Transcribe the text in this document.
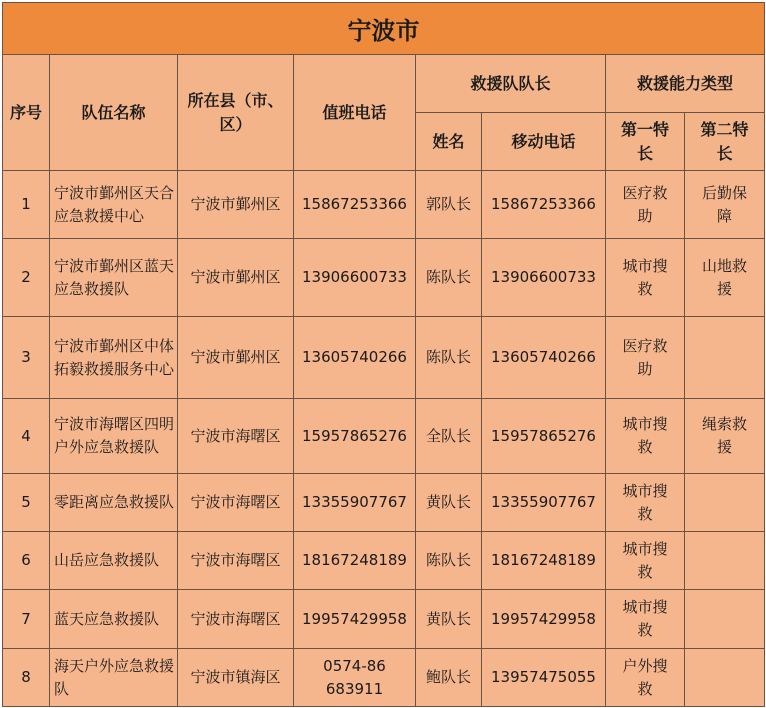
宁波市							
序号	队伍名称	所在县（市、区）	值班电话	救援队队长		救援能力类型	
				姓名	移动电话	第一特长	第二特长
1	宁波市鄞州区天合应急救援中心	宁波市鄞州区	15867253366	郭队长	15867253366	医疗救助	后勤保障
2	宁波市鄞州区蓝天应急救援队	宁波市鄞州区	13906600733	陈队长	13906600733	城市搜救	山地救援
3	宁波市鄞州区中体拓毅救援服务中心	宁波市鄞州区	13605740266	陈队长	13605740266	医疗救助	
4	宁波市海曙区四明户外应急救援队	宁波市海曙区	15957865276	全队长	15957865276	城市搜救	绳索救援
5	零距离应急救援队	宁波市海曙区	13355907767	黄队长	13355907767	城市搜救	
6	山岳应急救援队	宁波市海曙区	18167248189	陈队长	18167248189	城市搜救	
7	蓝天应急救援队	宁波市海曙区	19957429958	黄队长	19957429958	城市搜救	
8	海天户外应急救援队	宁波市镇海区	0574-86683911	鲍队长	13957475055	户外搜救	
